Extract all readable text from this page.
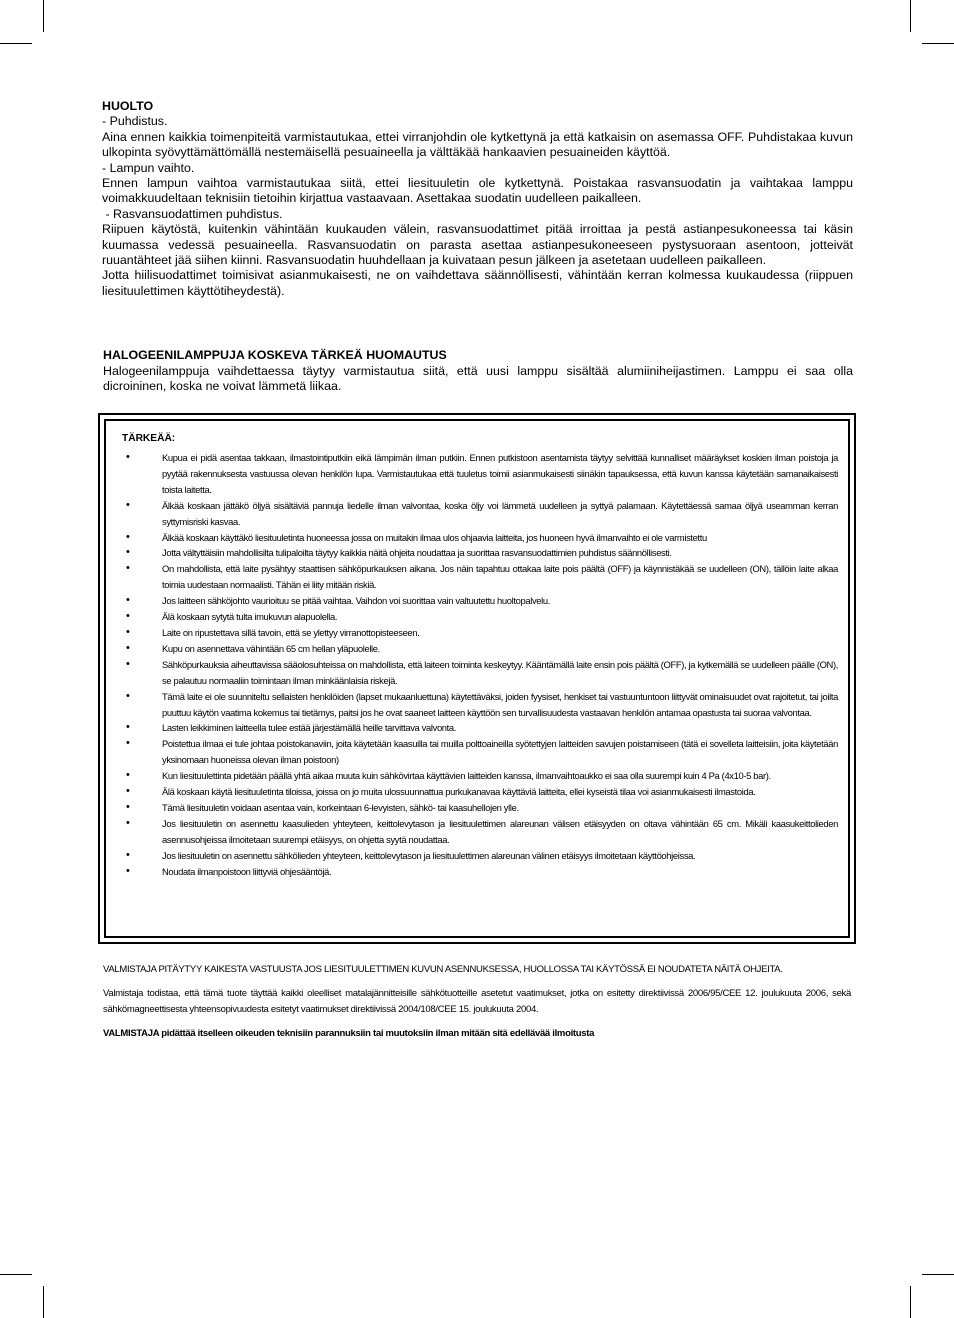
HUOLTO

- Puhdistus.

Aina ennen kaikkia toimenpiteitä varmistautukaa, ettei virranjohdin ole kytkettynä ja että katkaisin on asemassa OFF. Puhdistakaa kuvun ulkopinta syövyttämättömällä nestemäisellä pesuaineella ja välttäkää hankaavien pesuaineiden käyttöä.

- Lampun vaihto.

Ennen lampun vaihtoa varmistautukaa siitä, ettei liesituuletin ole kytkettynä. Poistakaa rasvansuodatin ja vaihtakaa lamppu voimakkuudeltaan teknisiin tietoihin kirjattua vastaavaan. Asettakaa suodatin uudelleen paikalleen.

- Rasvansuodattimen puhdistus.

Riipuen käytöstä, kuitenkin vähintään kuukauden välein, rasvansuodattimet pitää irroittaa ja pestä astianpesukoneessa tai käsin kuumassa vedessä pesuaineella. Rasvansuodatin on parasta asettaa astianpesukoneeseen pystysuoraan asentoon, jotteivät ruuantähteet jää siihen kiinni. Rasvansuodatin huuhdellaan ja kuivataan pesun jälkeen ja asetetaan uudelleen paikalleen.

Jotta hiilisuodattimet toimisivat asianmukaisesti, ne on vaihdettava säännöllisesti, vähintään kerran kolmessa kuukaudessa (riippuen liesituulettimen käyttötiheydestä).

HALOGEENILAMPPUJA KOSKEVA TÄRKEÄ HUOMAUTUS

Halogeenilamppuja vaihdettaessa täytyy varmistautua siitä, että uusi lamppu sisältää alumiiniheijastimen. Lamppu ei saa olla dicroininen, koska ne voivat lämmetä liikaa.

TÄRKEÄÄ:
•	Kupua ei pidä asentaa takkaan, ilmastointiputkiin eikä lämpimän ilman putkiin. Ennen putkistoon asentamista täytyy selvittää kunnalliset määräykset koskien ilman poistoja ja pyytää rakennuksesta vastuussa olevan henkilön lupa. Varmistautukaa että tuuletus toimii asianmukaisesti siinäkin tapauksessa, että kuvun kanssa käytetään samanaikaisesti toista laitetta.
•	Älkää koskaan jättäkö öljyä sisältäviä pannuja liedelle ilman valvontaa, koska öljy voi lämmetä uudelleen ja syttyä palamaan. Käytettäessä samaa öljyä useamman kerran syttymisriski kasvaa.
•	Älkää koskaan käyttäkö liesituuletinta huoneessa jossa on muitakin ilmaa ulos ohjaavia laitteita, jos huoneen hyvä ilmanvaihto ei ole varmistettu
•	Jotta vältyttäisiin mahdollisilta tulipaloilta täytyy kaikkia näitä ohjeita noudattaa ja suorittaa rasvansuodattimien puhdistus säännöllisesti.
•	On mahdollista, että laite pysähtyy staattisen sähköpurkauksen aikana. Jos näin tapahtuu ottakaa laite pois päältä (OFF) ja käynnistäkää se uudelleen (ON), tällöin laite alkaa toimia uudestaan normaalisti. Tähän ei liity mitään riskiä.
•	Jos laitteen sähköjohto vaurioituu se pitää vaihtaa. Vaihdon voi suorittaa vain valtuutettu huoltopalvelu.
•	Älä koskaan sytytä tulta imukuvun alapuolella.
•	Laite on ripustettava sillä tavoin, että se ylettyy virranottopisteeseen.
•	Kupu on asennettava vähintään 65 cm hellan yläpuolelle.
•	Sähköpurkauksia aiheuttavissa sääolosuhteissa on mahdollista, että laiteen toiminta keskeytyy. Kääntämällä laite ensin pois päältä (OFF), ja kytkemällä se uudelleen päälle (ON), se palautuu normaaliin toimintaan ilman minkäänlaisia riskejä.
•	Tämä laite ei ole suunniteltu sellaisten henkilöiden (lapset mukaanluettuna) käytettäväksi, joiden fyysiset, henkiset tai vastuuntuntoon liittyvät ominaisuudet ovat rajoitetut, tai joilta puuttuu käytön vaatima kokemus tai tietämys, paitsi jos he ovat saaneet laitteen käyttöön sen turvallisuudesta vastaavan henkilön antamaa opastusta tai suoraa valvontaa.
•	Lasten leikkiminen laitteella tulee estää järjestämällä heille tarvittava valvonta.
•	Poistettua ilmaa ei tule johtaa poistokanaviin, joita käytetään kaasuilla tai muilla polttoaineilla syötettyjen laitteiden savujen poistamiseen (tätä ei sovelleta laitteisiin, joita käytetään yksinomaan huoneissa olevan ilman poistoon)
•	Kun liesituulettinta pidetään päällä yhtä aikaa muuta kuin sähkövirtaa käyttävien laitteiden kanssa, ilmanvaihtoaukko ei saa olla suurempi kuin 4 Pa (4x10-5 bar).
•	Älä koskaan käytä liesituuletinta tiloissa, joissa on jo muita ulossuunnattua purkukanavaa käyttäviä laitteita, ellei kyseistä tilaa voi asianmukaisesti ilmastoida.
•	Tämä liesituuletin voidaan asentaa vain, korkeintaan 6-levyisten, sähkö- tai kaasuhellojen ylle.
•	Jos liesituuletin on asennettu kaasulieden yhteyteen, keittolevytason ja liesituulettimen alareunan välisen etäisyyden on oltava vähintään 65 cm. Mikäli kaasukeittolieden asennusohjeissa ilmoitetaan suurempi etäisyys, on ohjetta syytä noudattaa.
•	Jos liesituuletin on asennettu sähkölieden yhteyteen, keittolevytason ja liesituulettimen alareunan välinen etäisyys ilmoitetaan käyttöohjeissa.
•	Noudata ilmanpoistoon liittyviä ohjesääntöjä.

VALMISTAJA PITÄYTYY KAIKESTA VASTUUSTA JOS LIESITUULETTIMEN KUVUN ASENNUKSESSA, HUOLLOSSA TAI KÄYTÖSSÄ EI NOUDATETA NÄITÄ OHJEITA.

Valmistaja todistaa, että tämä tuote täyttää kaikki oleelliset matalajännitteisille sähkötuotteille asetetut vaatimukset, jotka on esitetty direktiivissä 2006/95/CEE 12. joulukuuta 2006, sekä sähkömagneettisesta yhteensopivuudesta esitetyt vaatimukset direktiivissä 2004/108/CEE 15. joulukuuta 2004.

VALMISTAJA pidättää itselleen oikeuden teknisiin parannuksiin tai muutoksiin ilman mitään sitä edellävää ilmoitusta
